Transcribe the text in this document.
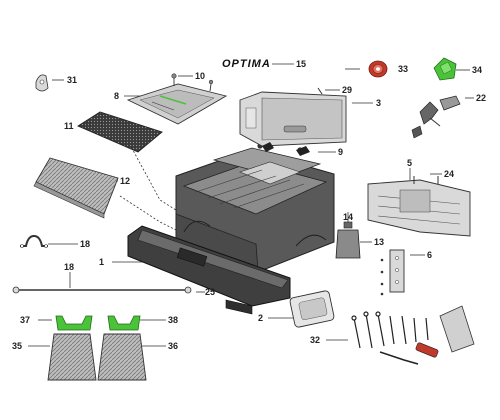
OPTIMA
31
8
10
11
12
18
1
18
15	33	34
29
3	22
9
5
24
14
13
6
25
2
32
37	38
35	36
